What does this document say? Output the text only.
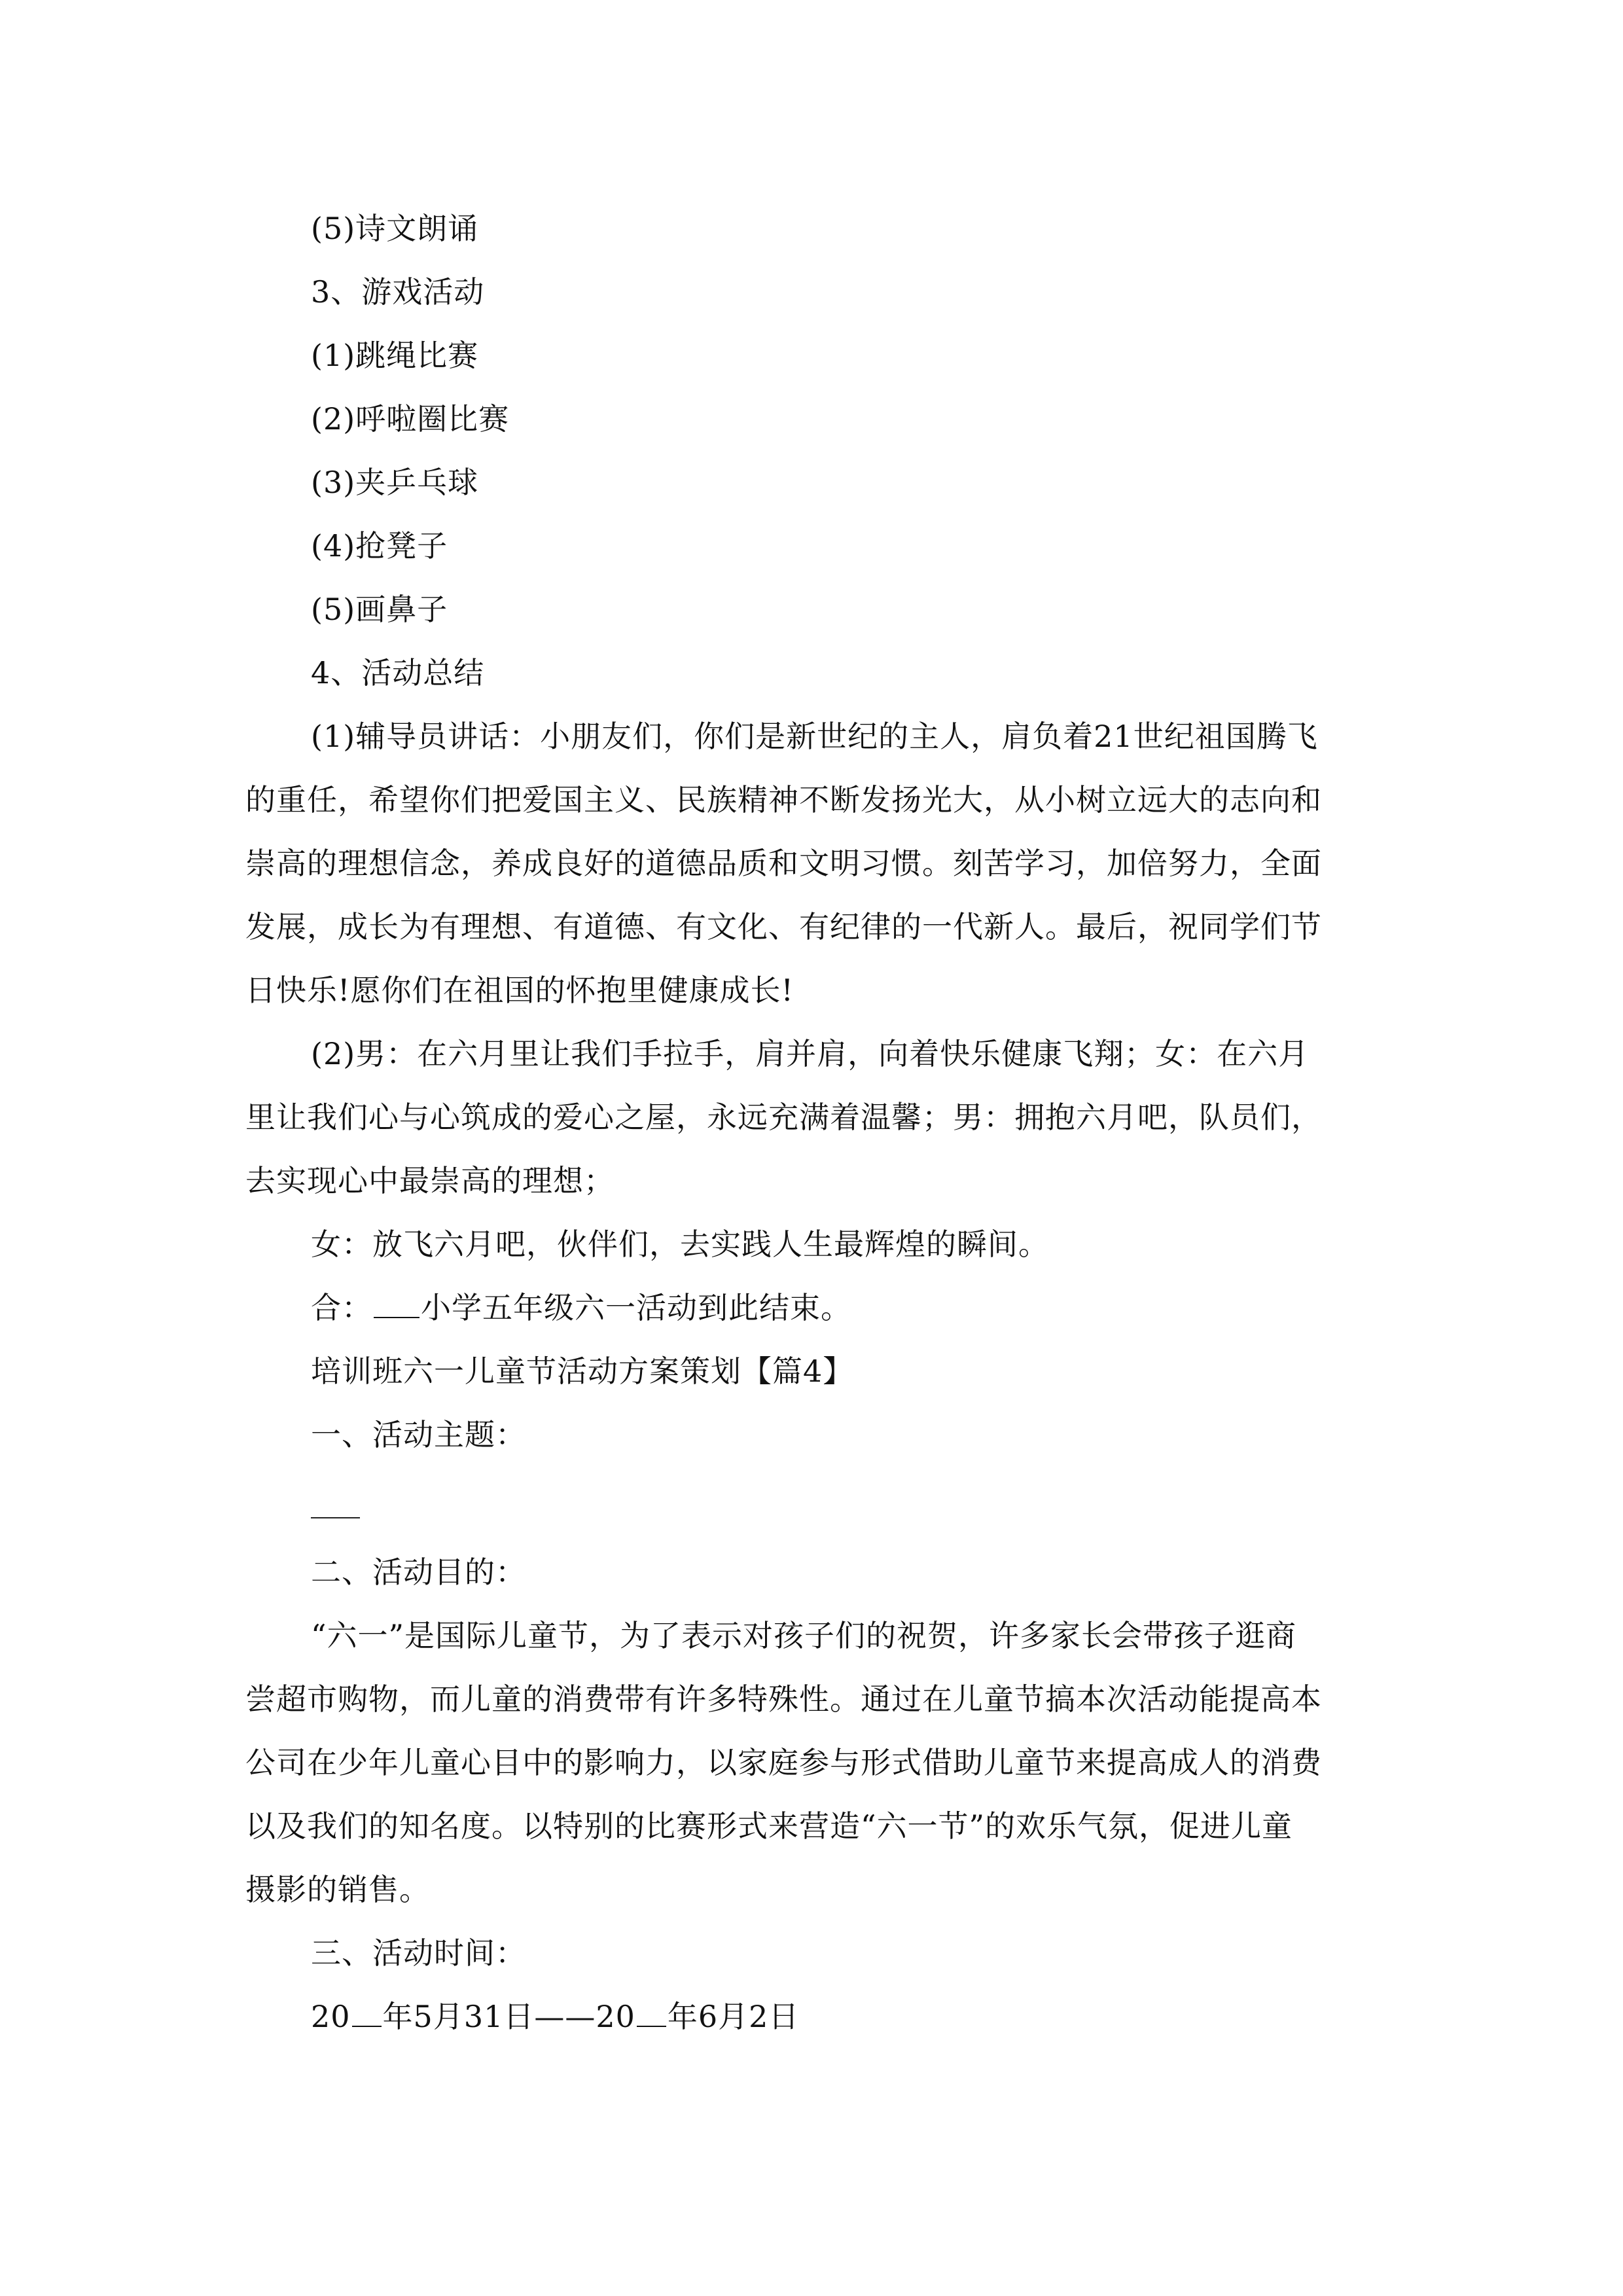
(5)诗文朗诵
3、游戏活动
(1)跳绳比赛
(2)呼啦圈比赛
(3)夹乒乓球
(4)抢凳子
(5)画鼻子
4、活动总结
(1)辅导员讲话：小朋友们，你们是新世纪的主人，肩负着21世纪祖国腾飞
的重任，希望你们把爱国主义、民族精神不断发扬光大，从小树立远大的志向和
崇高的理想信念，养成良好的道德品质和文明习惯。刻苦学习，加倍努力，全面
发展，成长为有理想、有道德、有文化、有纪律的一代新人。最后，祝同学们节
日快乐!愿你们在祖国的怀抱里健康成长!
(2)男：在六月里让我们手拉手，肩并肩，向着快乐健康飞翔；女：在六月
里让我们心与心筑成的爱心之屋，永远充满着温馨；男：拥抱六月吧，队员们，
去实现心中最崇高的理想；
女：放飞六月吧，伙伴们，去实践人生最辉煌的瞬间。
合： 小学五年级六一活动到此结束。
培训班六一儿童节活动方案策划【篇4】
一、活动主题：
二、活动目的：
“六一”是国际儿童节，为了表示对孩子们的祝贺，许多家长会带孩子逛商
尝超市购物，而儿童的消费带有许多特殊性。通过在儿童节搞本次活动能提高本
公司在少年儿童心目中的影响力，以家庭参与形式借助儿童节来提高成人的消费
以及我们的知名度。以特别的比赛形式来营造“六一节”的欢乐气氛，促进儿童
摄影的销售。
三、活动时间：
20 年5月31日——20 年6月2日
